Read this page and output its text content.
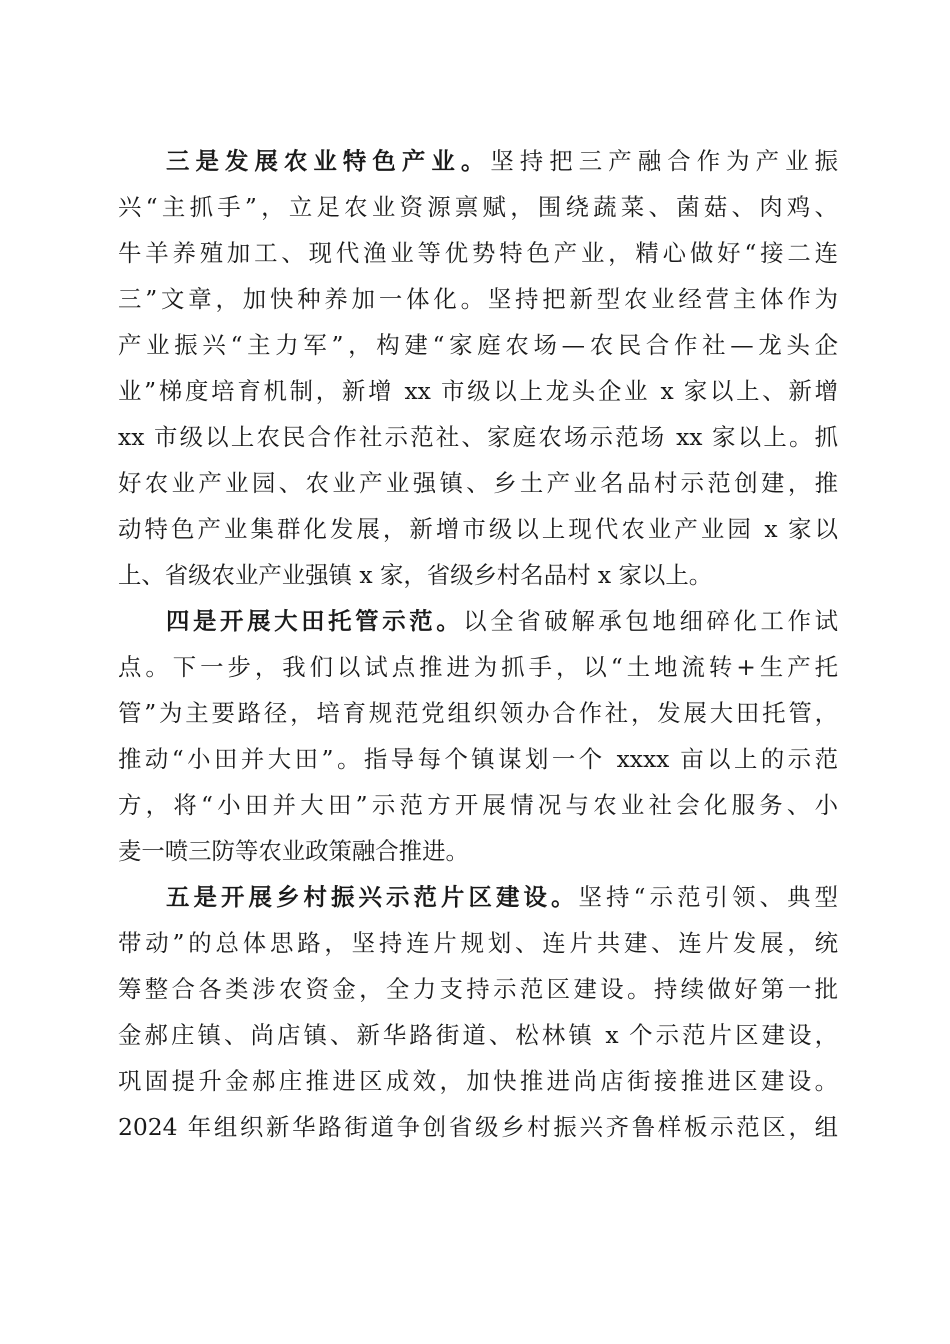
三是发展农业特色产业。坚持把三产融合作为产业振
兴“主抓手”，立足农业资源禀赋，围绕蔬菜、菌菇、肉鸡、
牛羊养殖加工、现代渔业等优势特色产业，精心做好“接二连
三”文章，加快种养加一体化。坚持把新型农业经营主体作为
产业振兴“主力军”，构建“家庭农场—农民合作社—龙头企
业”梯度培育机制，新增 xx 市级以上龙头企业 x 家以上、新增
xx 市级以上农民合作社示范社、家庭农场示范场 xx 家以上。抓
好农业产业园、农业产业强镇、乡土产业名品村示范创建，推
动特色产业集群化发展，新增市级以上现代农业产业园 x 家以
上、省级农业产业强镇 x 家，省级乡村名品村 x 家以上。
四是开展大田托管示范。以全省破解承包地细碎化工作试
点。下一步，我们以试点推进为抓手，以“土地流转+生产托
管”为主要路径，培育规范党组织领办合作社，发展大田托管，
推动“小田并大田”。指导每个镇谋划一个 xxxx 亩以上的示范
方，将“小田并大田”示范方开展情况与农业社会化服务、小
麦一喷三防等农业政策融合推进。
五是开展乡村振兴示范片区建设。坚持“示范引领、典型
带动”的总体思路，坚持连片规划、连片共建、连片发展，统
筹整合各类涉农资金，全力支持示范区建设。持续做好第一批
金郝庄镇、尚店镇、新华路街道、松林镇 x 个示范片区建设，
巩固提升金郝庄推进区成效，加快推进尚店街接推进区建设。
2024 年组织新华路街道争创省级乡村振兴齐鲁样板示范区，组
